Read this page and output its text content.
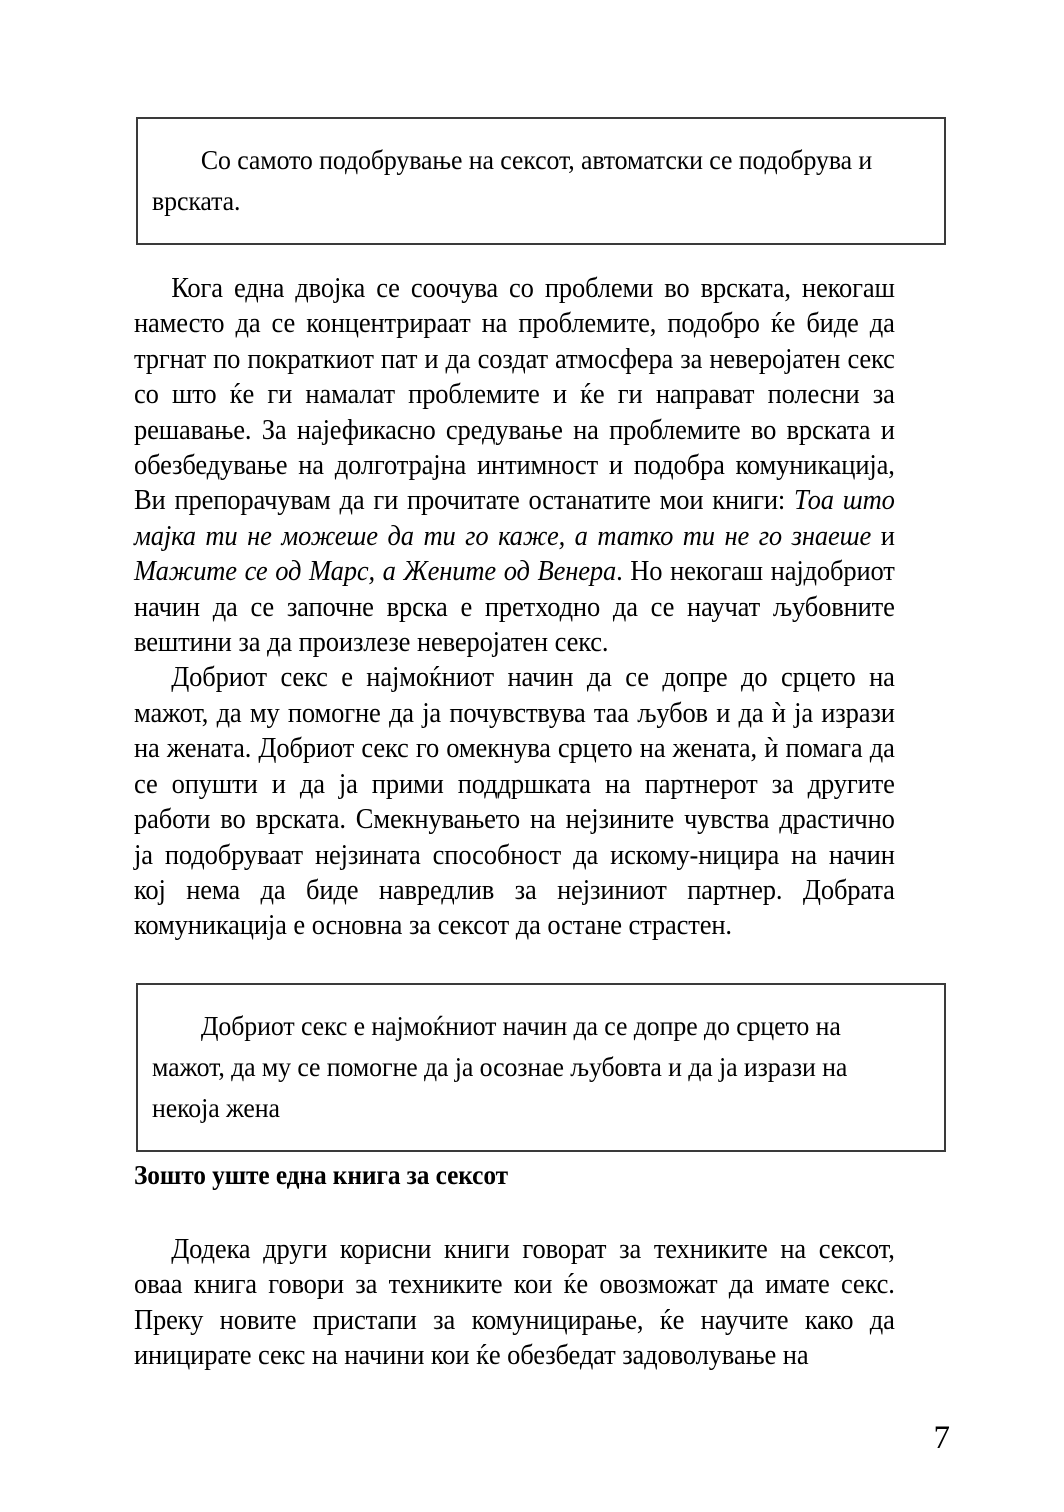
Со самото подобрување на сексот, автоматски се подобрува и врската.

Кога една двојка се соочува со проблеми во врската, некогаш наместо да се концентрираат на проблемите, подобро ќе биде да тргнат по пократкиот пат и да создат атмосфера за неверојатен секс со што ќе ги намалат проблемите и ќе ги направат полесни за решавање. За најефикасно средување на проблемите во врската и обезбедување на долготрајна интимност и подобра комуникација, Ви препорачувам да ги прочитате останатите мои книги: Тоа што мајка ти не можеше да ти го каже, а татко ти не го знаеше и Мажите се од Марс, а Жените од Венера. Но некогаш најдобриот начин да се започне врска е претходно да се научат љубовните вештини за да произлезе неверојатен секс.

Добриот секс е најмоќниот начин да се допре до срцето на мажот, да му помогне да ја почувствува таа љубов и да ѝ ја изрази на жената. Добриот секс го омекнува срцето на жената, ѝ помага да се опушти и да ја прими поддршката на партнерот за другите работи во врската. Смекнувањето на нејзините чувства драстично ја подобруваат нејзината способност да искому-ницира на начин кој нема да биде навредлив за нејзиниот партнер. Добрата комуникација е основна за сексот да остане страстен.

Добриот секс е најмоќниот начин да се допре до срцето на мажот, да му се помогне да ја осознае љубовта и да ја изрази на некоја жена

Зошто уште една книга за сексот

Додека други корисни книги говорат за техниките на сексот, оваа книга говори за техниките кои ќе овозможат да имате секс. Преку новите пристапи за комуницирање, ќе научите како да иницирате секс на начини кои ќе обезбедат задоволување на

7
